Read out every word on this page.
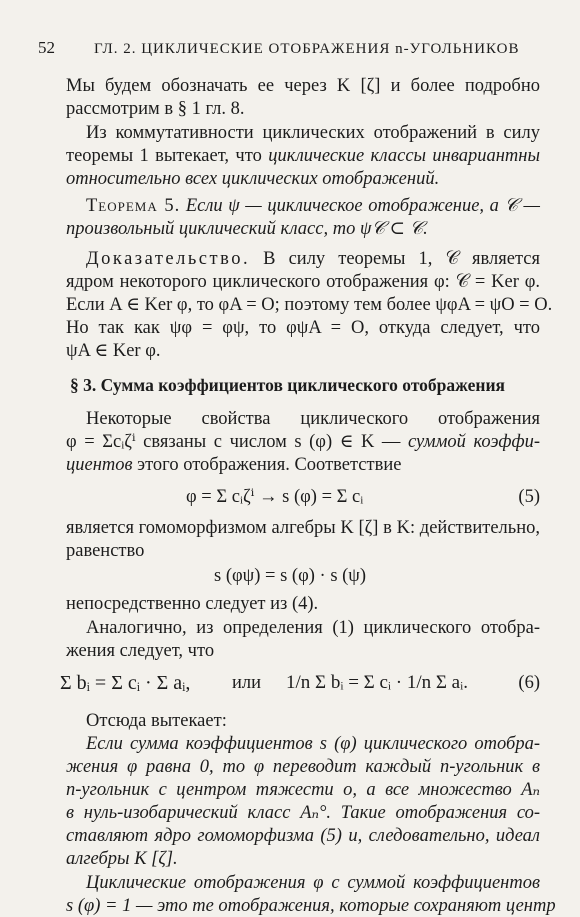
52	ГЛ. 2. ЦИКЛИЧЕСКИЕ ОТОБРАЖЕНИЯ n-УГОЛЬНИКОВ
Мы будем обозначать ее через K [ζ] и более подробно
рассмотрим в § 1 гл. 8.
Из коммутативности циклических отображений в силу
теоремы 1 вытекает, что циклические классы инвариантны
относительно всех циклических отображений.
Теорема 5. Если ψ — циклическое отображение, а 𝒞 —
произвольный циклический класс, то ψ𝒞 ⊂ 𝒞.
Доказательство. В силу теоремы 1, 𝒞 является
ядром некоторого циклического отображения φ: 𝒞 = Ker φ.
Если A ∈ Ker φ, то φA = O; поэтому тем более ψφA = ψO = O.
Но так как ψφ = φψ, то φψA = O, откуда следует, что
ψA ∈ Ker φ.
§ 3. Сумма коэффициентов циклического отображения
Некоторые свойства циклического отображения
φ = Σcᵢζⁱ связаны с числом s (φ) ∈ K — суммой коэффи-
циентов этого отображения. Соответствие
φ = Σ cᵢζⁱ → s (φ) = Σ cᵢ	(5)
является гомоморфизмом алгебры K [ζ] в K: действительно,
равенство
s (φψ) = s (φ) · s (ψ)
непосредственно следует из (4).
Аналогично, из определения (1) циклического отобра-
жения следует, что
Σ bᵢ = Σ cᵢ · Σ aᵢ,	или	1/n Σ bᵢ = Σ cᵢ · 1/n Σ aᵢ.	(6)
Отсюда вытекает:
Если сумма коэффициентов s (φ) циклического отобра-
жения φ равна 0, то φ переводит каждый n-угольник в
n-угольник с центром тяжести o, а все множество Aₙ
в нуль-изобарический класс Aₙ°. Такие отображения со-
ставляют ядро гомоморфизма (5) и, следовательно, идеал
алгебры K [ζ].
Циклические отображения φ с суммой коэффициентов
s (φ) = 1 — это те отображения, которые сохраняют центр
